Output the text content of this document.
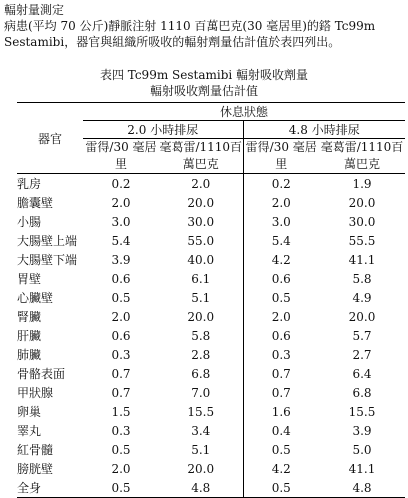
輻射量測定
病患(平均 70 公斤)靜脈注射 1110 百萬巴克(30 毫居里)的鎝 Tc99m
Sestamibi，器官與組織所吸收的輻射劑量估計值於表四列出。
表四 Tc99m Sestamibi 輻射吸收劑量
輻射吸收劑量估計值
器官	休息狀態			
	2.0 小時排尿		4.8 小時排尿	
	雷得/30 毫居里	毫葛雷/1110百萬巴克	雷得/30 毫居里	毫葛雷/1110百萬巴克
乳房	0.2	2.0	0.2	1.9
膽囊壁	2.0	20.0	2.0	20.0
小腸	3.0	30.0	3.0	30.0
大腸壁上端	5.4	55.0	5.4	55.5
大腸壁下端	3.9	40.0	4.2	41.1
胃壁	0.6	6.1	0.6	5.8
心臟壁	0.5	5.1	0.5	4.9
腎臟	2.0	20.0	2.0	20.0
肝臟	0.6	5.8	0.6	5.7
肺臟	0.3	2.8	0.3	2.7
骨骼表面	0.7	6.8	0.7	6.4
甲狀腺	0.7	7.0	0.7	6.8
卵巢	1.5	15.5	1.6	15.5
睪丸	0.3	3.4	0.4	3.9
紅骨髓	0.5	5.1	0.5	5.0
膀胱壁	2.0	20.0	4.2	41.1
全身	0.5	4.8	0.5	4.8
